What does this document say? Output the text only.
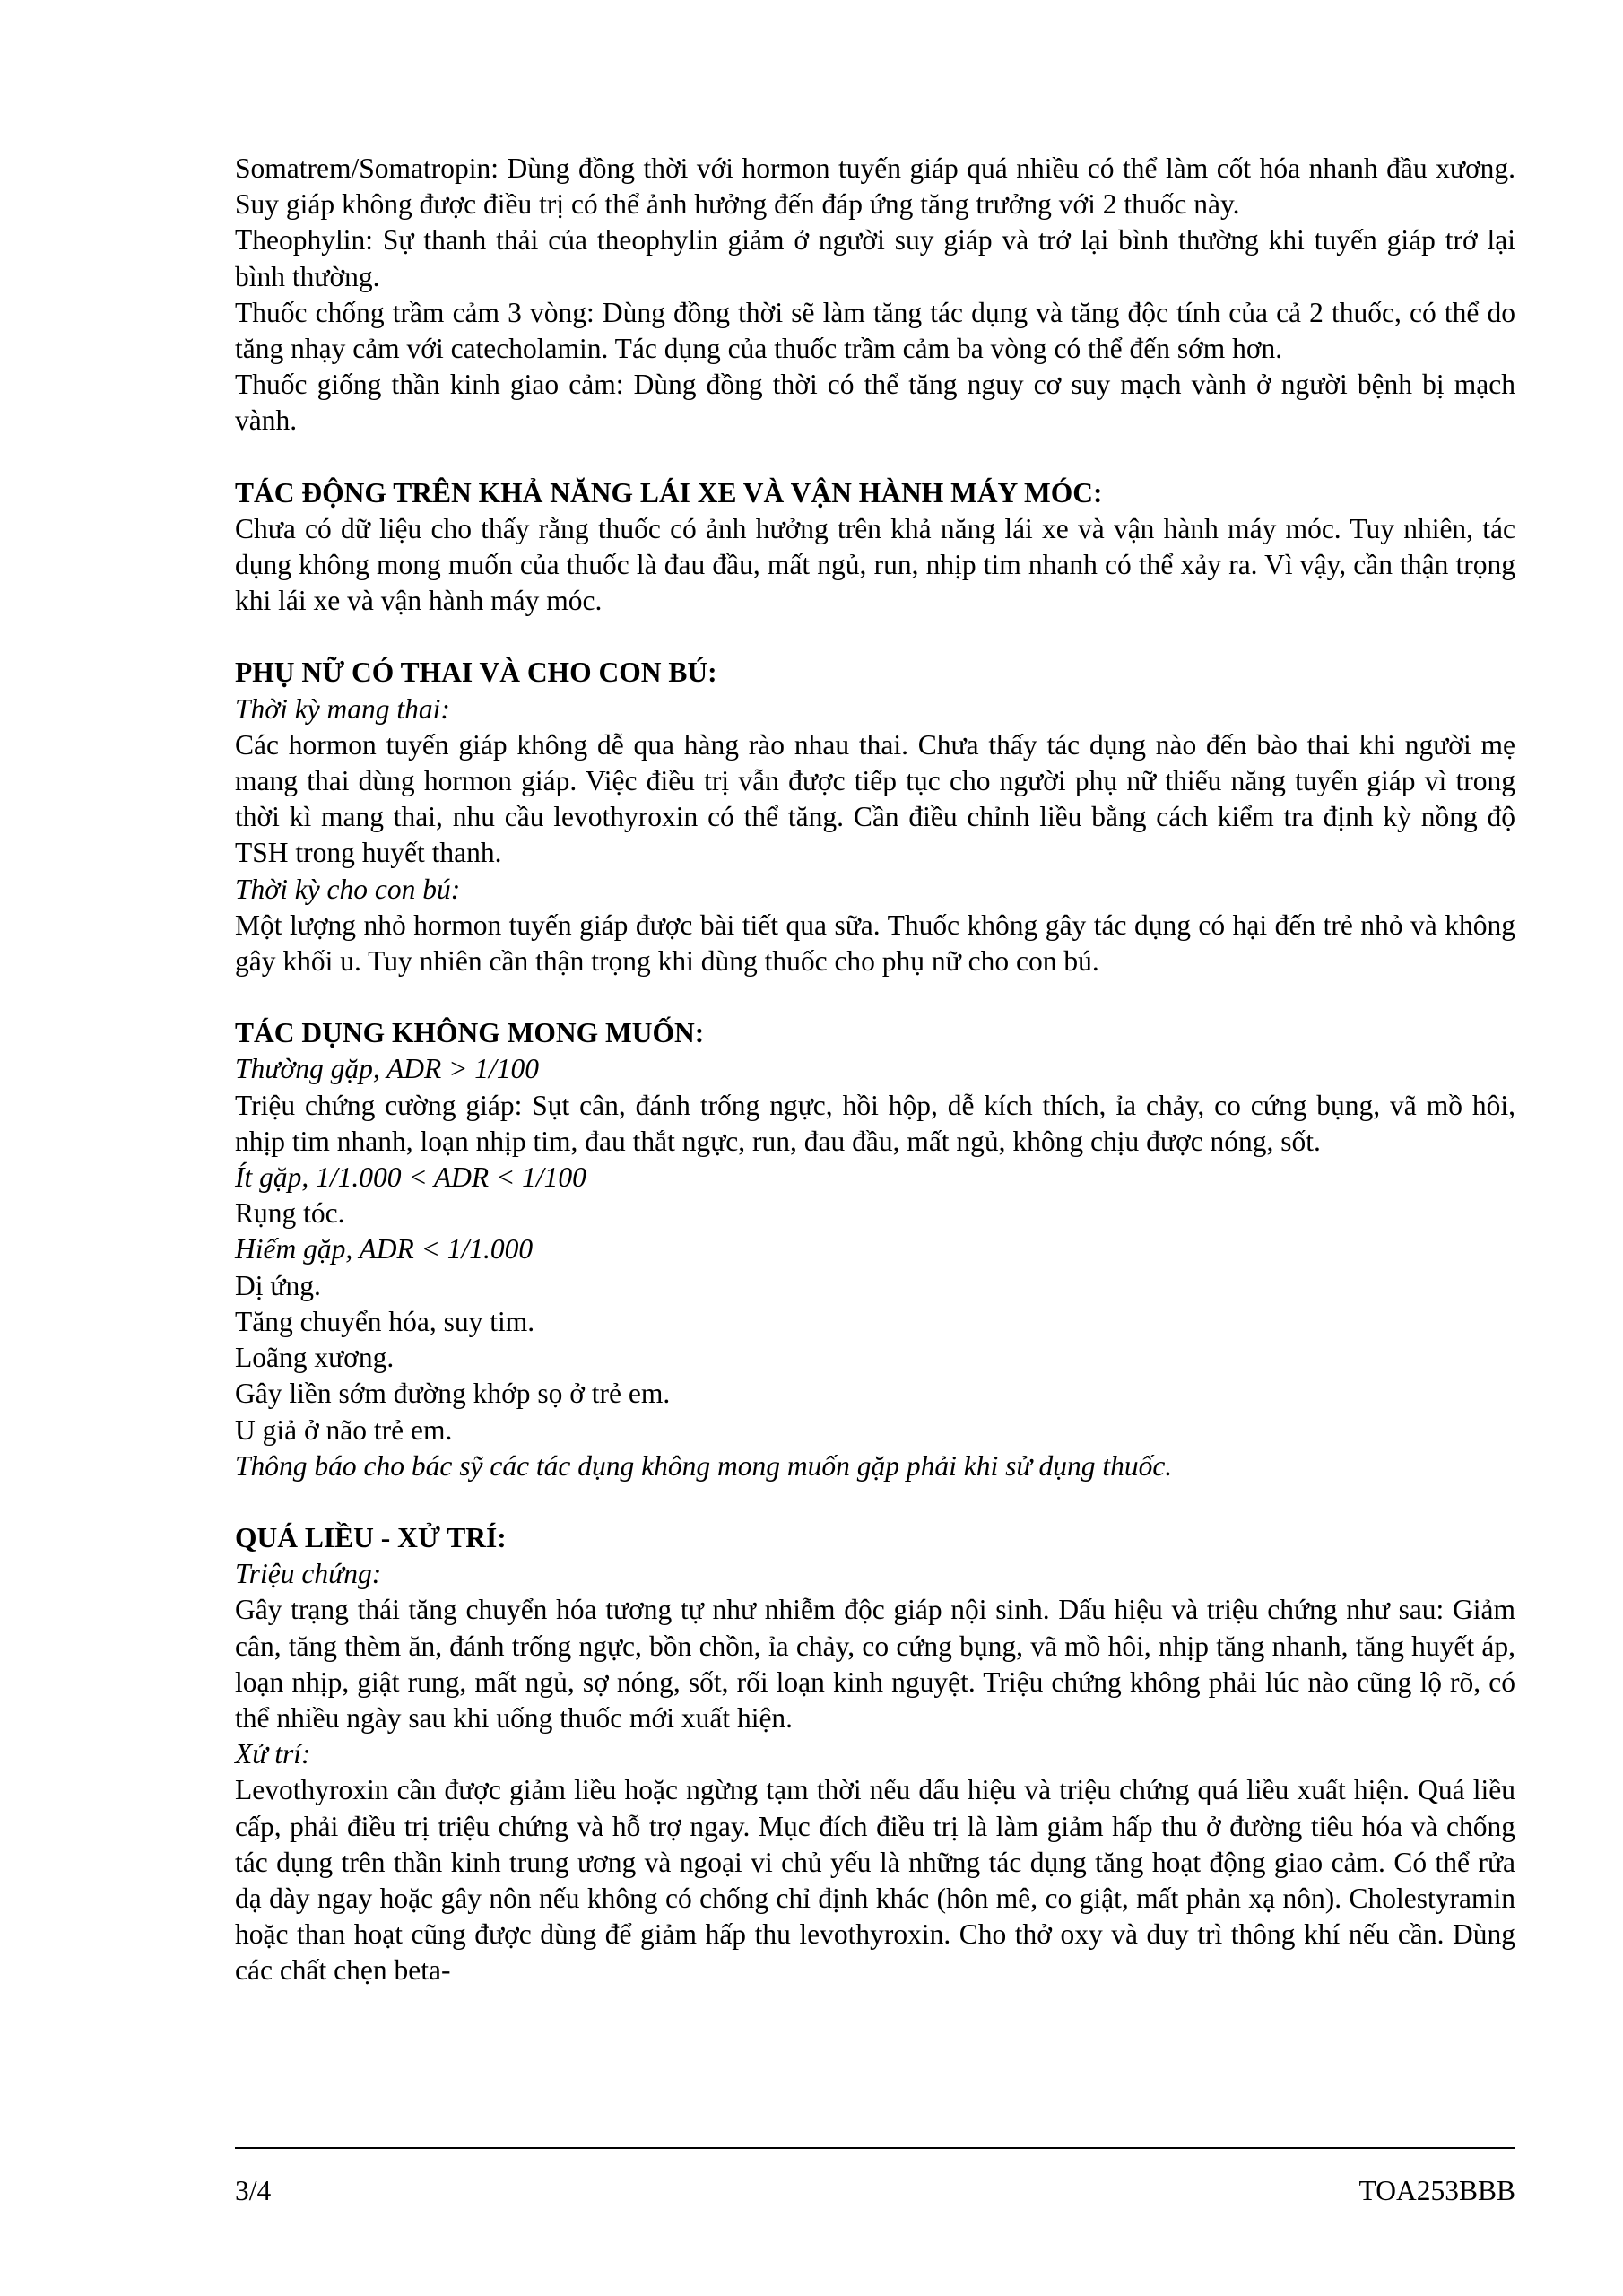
Somatrem/Somatropin: Dùng đồng thời với hormon tuyến giáp quá nhiều có thể làm cốt hóa nhanh đầu xương. Suy giáp không được điều trị có thể ảnh hưởng đến đáp ứng tăng trưởng với 2 thuốc này.

Theophylin: Sự thanh thải của theophylin giảm ở người suy giáp và trở lại bình thường khi tuyến giáp trở lại bình thường.

Thuốc chống trầm cảm 3 vòng: Dùng đồng thời sẽ làm tăng tác dụng và tăng độc tính của cả 2 thuốc, có thể do tăng nhạy cảm với catecholamin. Tác dụng của thuốc trầm cảm ba vòng có thể đến sớm hơn.

Thuốc giống thần kinh giao cảm: Dùng đồng thời có thể tăng nguy cơ suy mạch vành ở người bệnh bị mạch vành.

TÁC ĐỘNG TRÊN KHẢ NĂNG LÁI XE VÀ VẬN HÀNH MÁY MÓC:

Chưa có dữ liệu cho thấy rằng thuốc có ảnh hưởng trên khả năng lái xe và vận hành máy móc. Tuy nhiên, tác dụng không mong muốn của thuốc là đau đầu, mất ngủ, run, nhịp tim nhanh có thể xảy ra. Vì vậy, cần thận trọng khi lái xe và vận hành máy móc.

PHỤ NỮ CÓ THAI VÀ CHO CON BÚ:

Thời kỳ mang thai:

Các hormon tuyến giáp không dễ qua hàng rào nhau thai. Chưa thấy tác dụng nào đến bào thai khi người mẹ mang thai dùng hormon giáp. Việc điều trị vẫn được tiếp tục cho người phụ nữ thiểu năng tuyến giáp vì trong thời kì mang thai, nhu cầu levothyroxin có thể tăng. Cần điều chỉnh liều bằng cách kiểm tra định kỳ nồng độ TSH trong huyết thanh.

Thời kỳ cho con bú:

Một lượng nhỏ hormon tuyến giáp được bài tiết qua sữa. Thuốc không gây tác dụng có hại đến trẻ nhỏ và không gây khối u. Tuy nhiên cần thận trọng khi dùng thuốc cho phụ nữ cho con bú.

TÁC DỤNG KHÔNG MONG MUỐN:

Thường gặp, ADR > 1/100

Triệu chứng cường giáp: Sụt cân, đánh trống ngực, hồi hộp, dễ kích thích, ỉa chảy, co cứng bụng, vã mồ hôi, nhịp tim nhanh, loạn nhịp tim, đau thắt ngực, run, đau đầu, mất ngủ, không chịu được nóng, sốt.

Ít gặp, 1/1.000 < ADR < 1/100

Rụng tóc.

Hiếm gặp, ADR < 1/1.000

Dị ứng.

Tăng chuyển hóa, suy tim.

Loãng xương.

Gây liền sớm đường khớp sọ ở trẻ em.

U giả ở não trẻ em.

Thông báo cho bác sỹ các tác dụng không mong muốn gặp phải khi sử dụng thuốc.

QUÁ LIỀU - XỬ TRÍ:

Triệu chứng:

Gây trạng thái tăng chuyển hóa tương tự như nhiễm độc giáp nội sinh. Dấu hiệu và triệu chứng như sau: Giảm cân, tăng thèm ăn, đánh trống ngực, bồn chồn, ỉa chảy, co cứng bụng, vã mồ hôi, nhịp tăng nhanh, tăng huyết áp, loạn nhịp, giật rung, mất ngủ, sợ nóng, sốt, rối loạn kinh nguyệt. Triệu chứng không phải lúc nào cũng lộ rõ, có thể nhiều ngày sau khi uống thuốc mới xuất hiện.

Xử trí:

Levothyroxin cần được giảm liều hoặc ngừng tạm thời nếu dấu hiệu và triệu chứng quá liều xuất hiện. Quá liều cấp, phải điều trị triệu chứng và hỗ trợ ngay. Mục đích điều trị là làm giảm hấp thu ở đường tiêu hóa và chống tác dụng trên thần kinh trung ương và ngoại vi chủ yếu là những tác dụng tăng hoạt động giao cảm. Có thể rửa dạ dày ngay hoặc gây nôn nếu không có chống chỉ định khác (hôn mê, co giật, mất phản xạ nôn). Cholestyramin hoặc than hoạt cũng được dùng để giảm hấp thu levothyroxin. Cho thở oxy và duy trì thông khí nếu cần. Dùng các chất chẹn beta-

3/4	TOA253BBB
